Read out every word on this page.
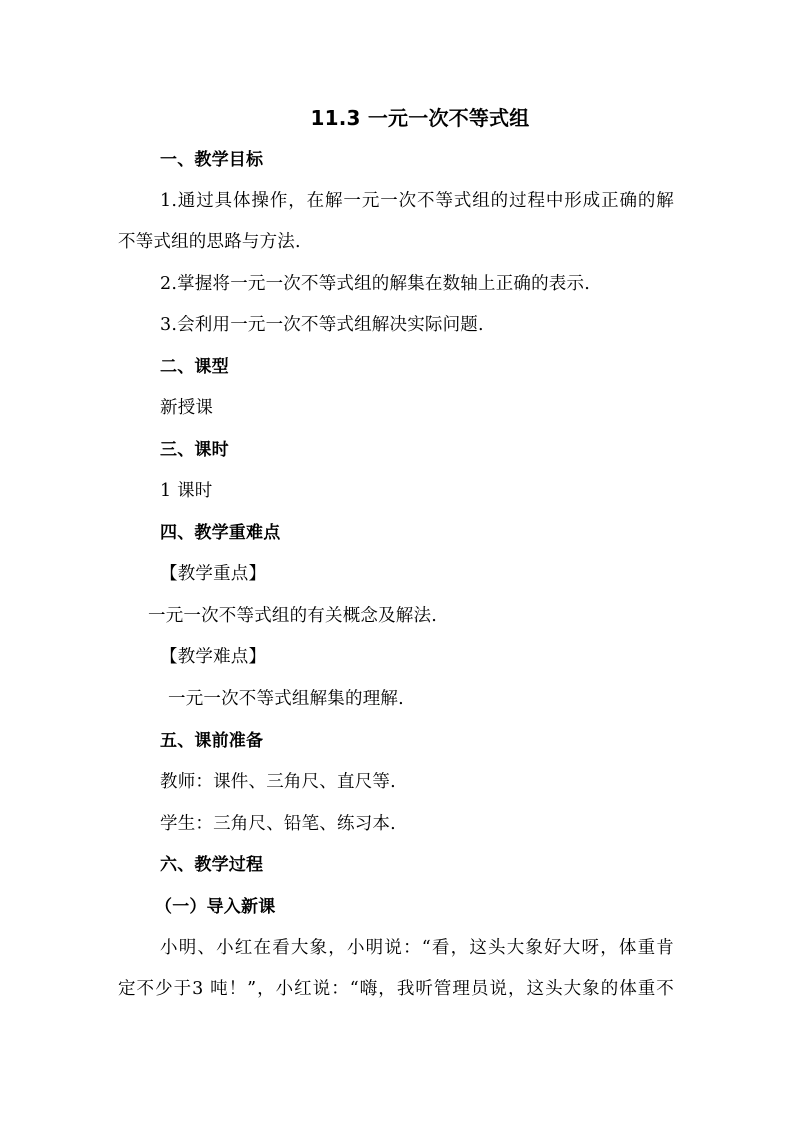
11.3 一元一次不等式组
一、教学目标
1.通过具体操作，在解一元一次不等式组的过程中形成正确的解
不等式组的思路与方法.
2.掌握将一元一次不等式组的解集在数轴上正确的表示.
3.会利用一元一次不等式组解决实际问题.
二、课型
新授课
三、课时
1 课时
四、教学重难点
【教学重点】
一元一次不等式组的有关概念及解法.
【教学难点】
一元一次不等式组解集的理解.
五、课前准备
教师：课件、三角尺、直尺等.
学生：三角尺、铅笔、练习本.
六、教学过程
（一）导入新课
小明、小红在看大象，小明说：“看，这头大象好大呀，体重肯
定不少于3 吨！”，小红说：“嗨，我听管理员说，这头大象的体重不
